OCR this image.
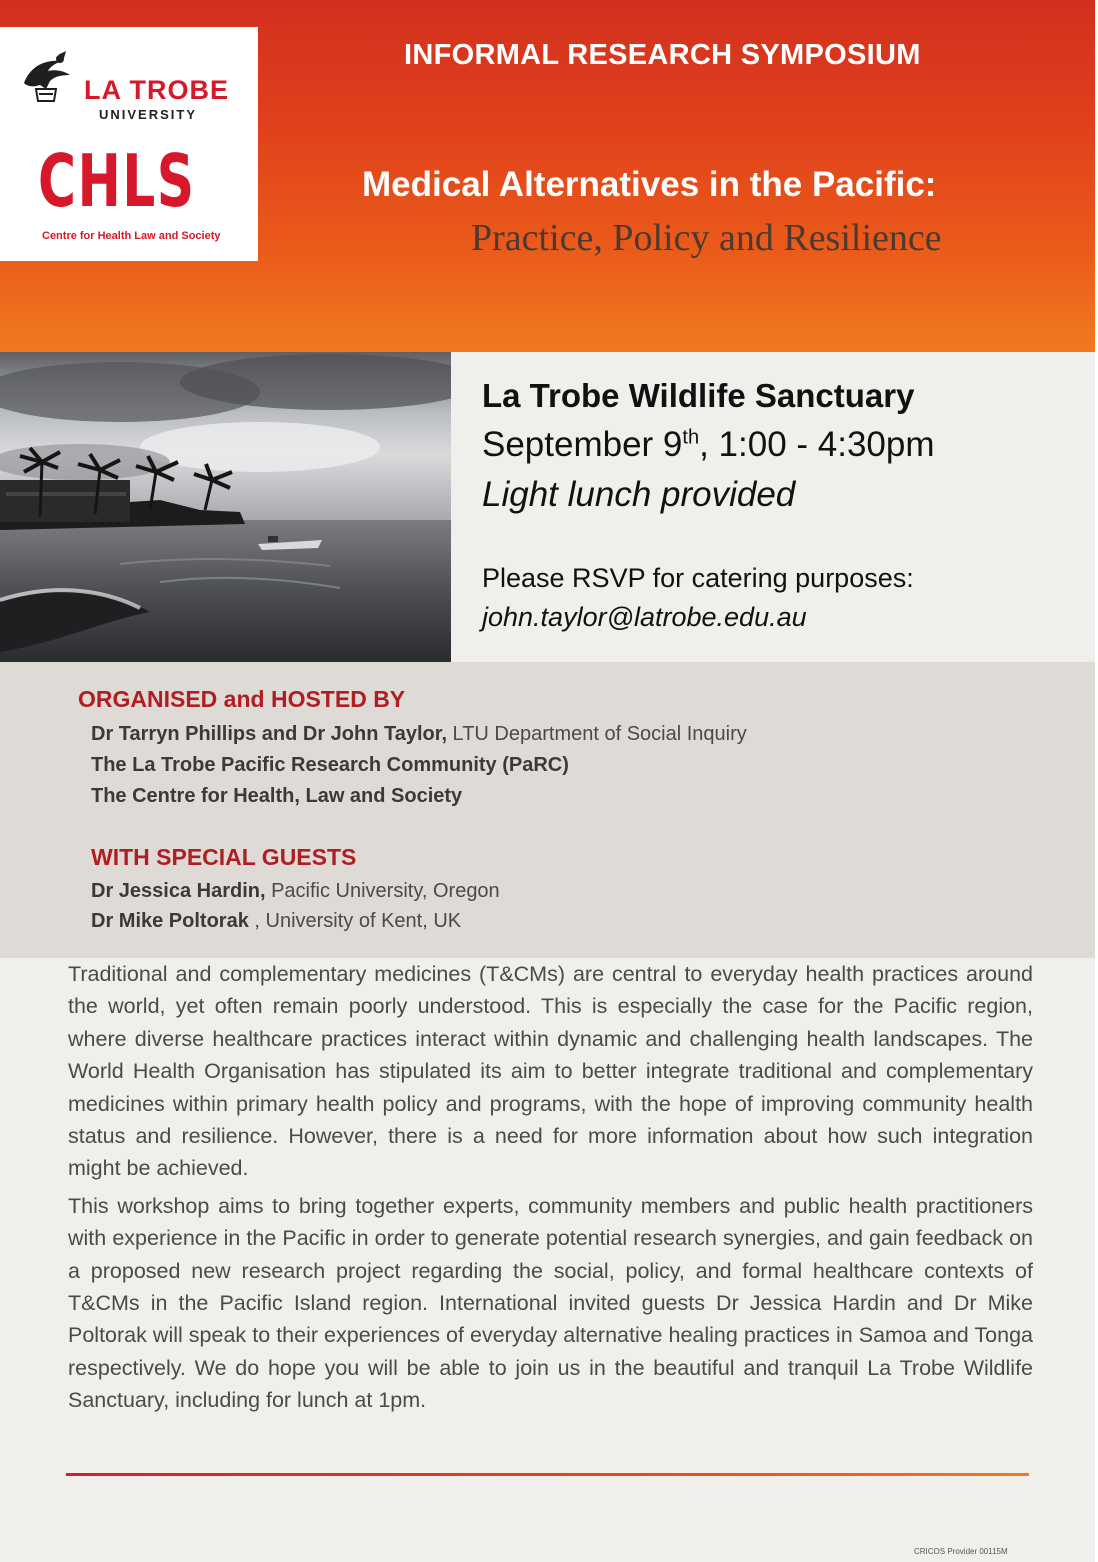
LA TROBE
UNIVERSITY
CHLS
Centre for Health Law and Society
INFORMAL RESEARCH SYMPOSIUM
Medical Alternatives in the Pacific:
Practice, Policy and Resilience
La Trobe Wildlife Sanctuary
September 9th, 1:00 - 4:30pm
Light lunch provided
Please RSVP for catering purposes:
john.taylor@latrobe.edu.au
ORGANISED and HOSTED BY
Dr Tarryn Phillips and Dr John Taylor, LTU Department of Social Inquiry
The La Trobe Pacific Research Community (PaRC)
The Centre for Health, Law and Society
WITH SPECIAL GUESTS
Dr Jessica Hardin, Pacific University, Oregon
Dr Mike Poltorak , University of Kent, UK

Traditional and complementary medicines (T&CMs) are central to everyday health practices around the world, yet often remain poorly understood. This is especially the case for the Pacific region, where diverse healthcare practices interact within dynamic and challenging health landscapes. The World Health Organisation has stipulated its aim to better integrate traditional and complementary medicines within primary health policy and programs, with the hope of improving community health status and resilience. However, there is a need for more information about how such integration might be achieved.

This workshop aims to bring together experts, community members and public health practitioners with experience in the Pacific in order to generate potential research synergies, and gain feedback on a proposed new research project regarding the social, policy, and formal healthcare contexts of T&CMs in the Pacific Island region. International invited guests Dr Jessica Hardin and Dr Mike Poltorak will speak to their experiences of everyday alternative healing practices in Samoa and Tonga respectively. We do hope you will be able to join us in the beautiful and tranquil La Trobe Wildlife Sanctuary, including for lunch at 1pm.

CRICOS Provider 00115M
